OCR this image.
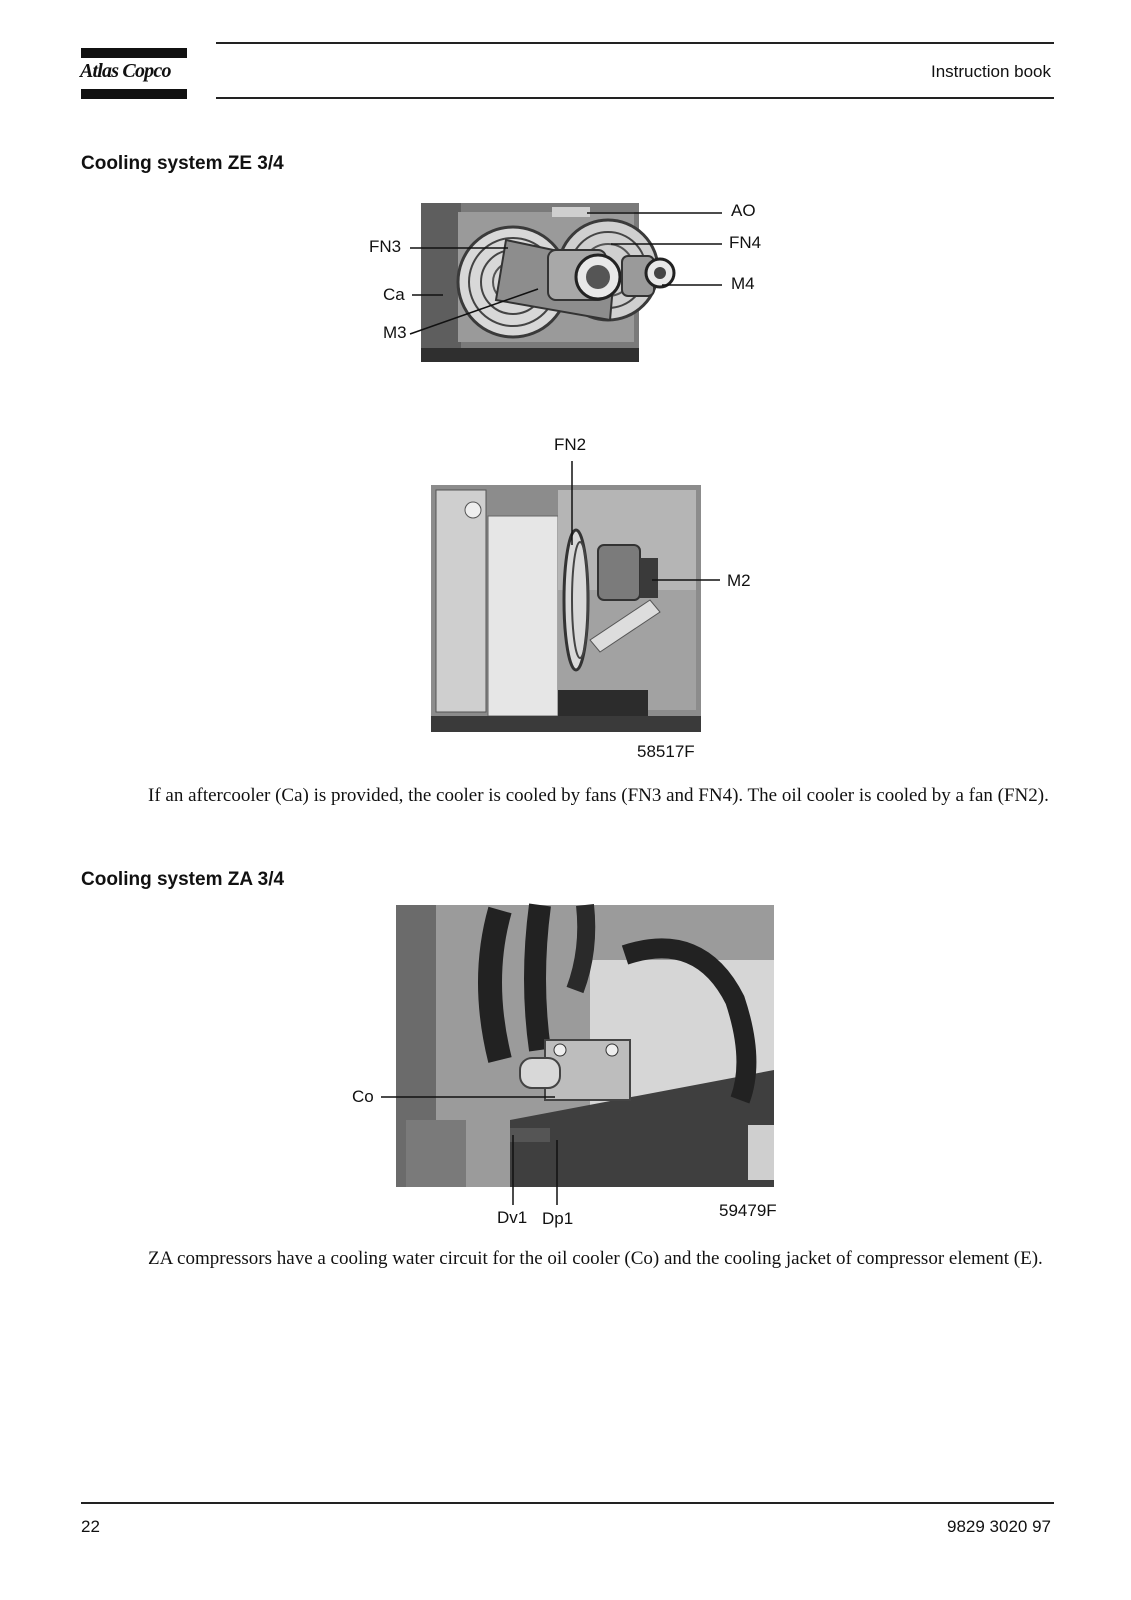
Atlas Copco	Instruction book
Cooling system ZE 3/4
AO
FN4
M4
FN3
Ca
M3
FN2
M2
58517F

If an aftercooler (Ca) is provided, the cooler is cooled by fans (FN3 and FN4). The oil cooler is cooled by a fan (FN2).

Cooling system ZA 3/4
Co
Dv1 Dp1	59479F

ZA compressors have a cooling water circuit for the oil cooler (Co) and the cooling jacket of compressor element (E).

22	9829 3020 97
